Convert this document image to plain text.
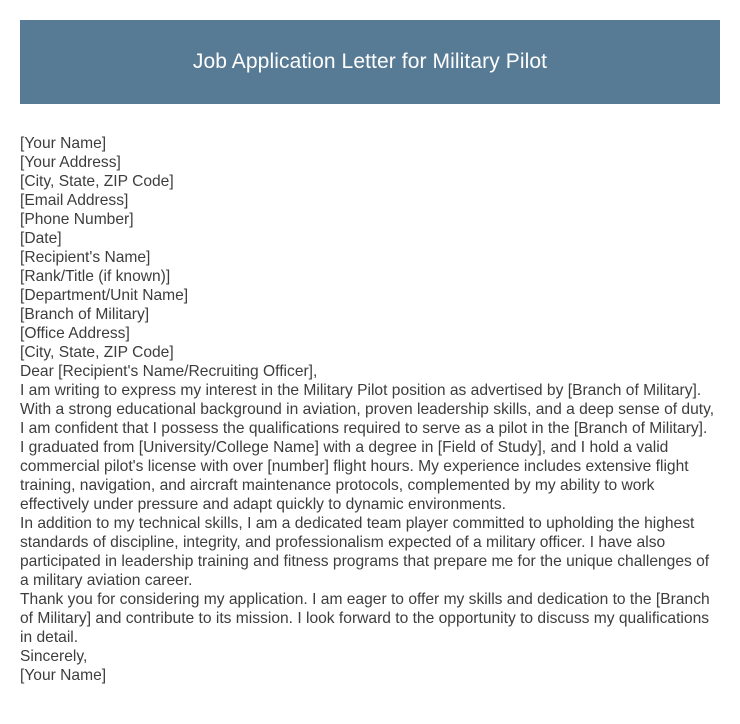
Job Application Letter for Military Pilot
[Your Name]
[Your Address]
[City, State, ZIP Code]
[Email Address]
[Phone Number]
[Date]
[Recipient's Name]
[Rank/Title (if known)]
[Department/Unit Name]
[Branch of Military]
[Office Address]
[City, State, ZIP Code]
Dear [Recipient's Name/Recruiting Officer],

I am writing to express my interest in the Military Pilot position as advertised by [Branch of Military]. With a strong educational background in aviation, proven leadership skills, and a deep sense of duty, I am confident that I possess the qualifications required to serve as a pilot in the [Branch of Military].

I graduated from [University/College Name] with a degree in [Field of Study], and I hold a valid commercial pilot's license with over [number] flight hours. My experience includes extensive flight training, navigation, and aircraft maintenance protocols, complemented by my ability to work effectively under pressure and adapt quickly to dynamic environments.

In addition to my technical skills, I am a dedicated team player committed to upholding the highest standards of discipline, integrity, and professionalism expected of a military officer. I have also participated in leadership training and fitness programs that prepare me for the unique challenges of a military aviation career.

Thank you for considering my application. I am eager to offer my skills and dedication to the [Branch of Military] and contribute to its mission. I look forward to the opportunity to discuss my qualifications in detail.

Sincerely,
[Your Name]
